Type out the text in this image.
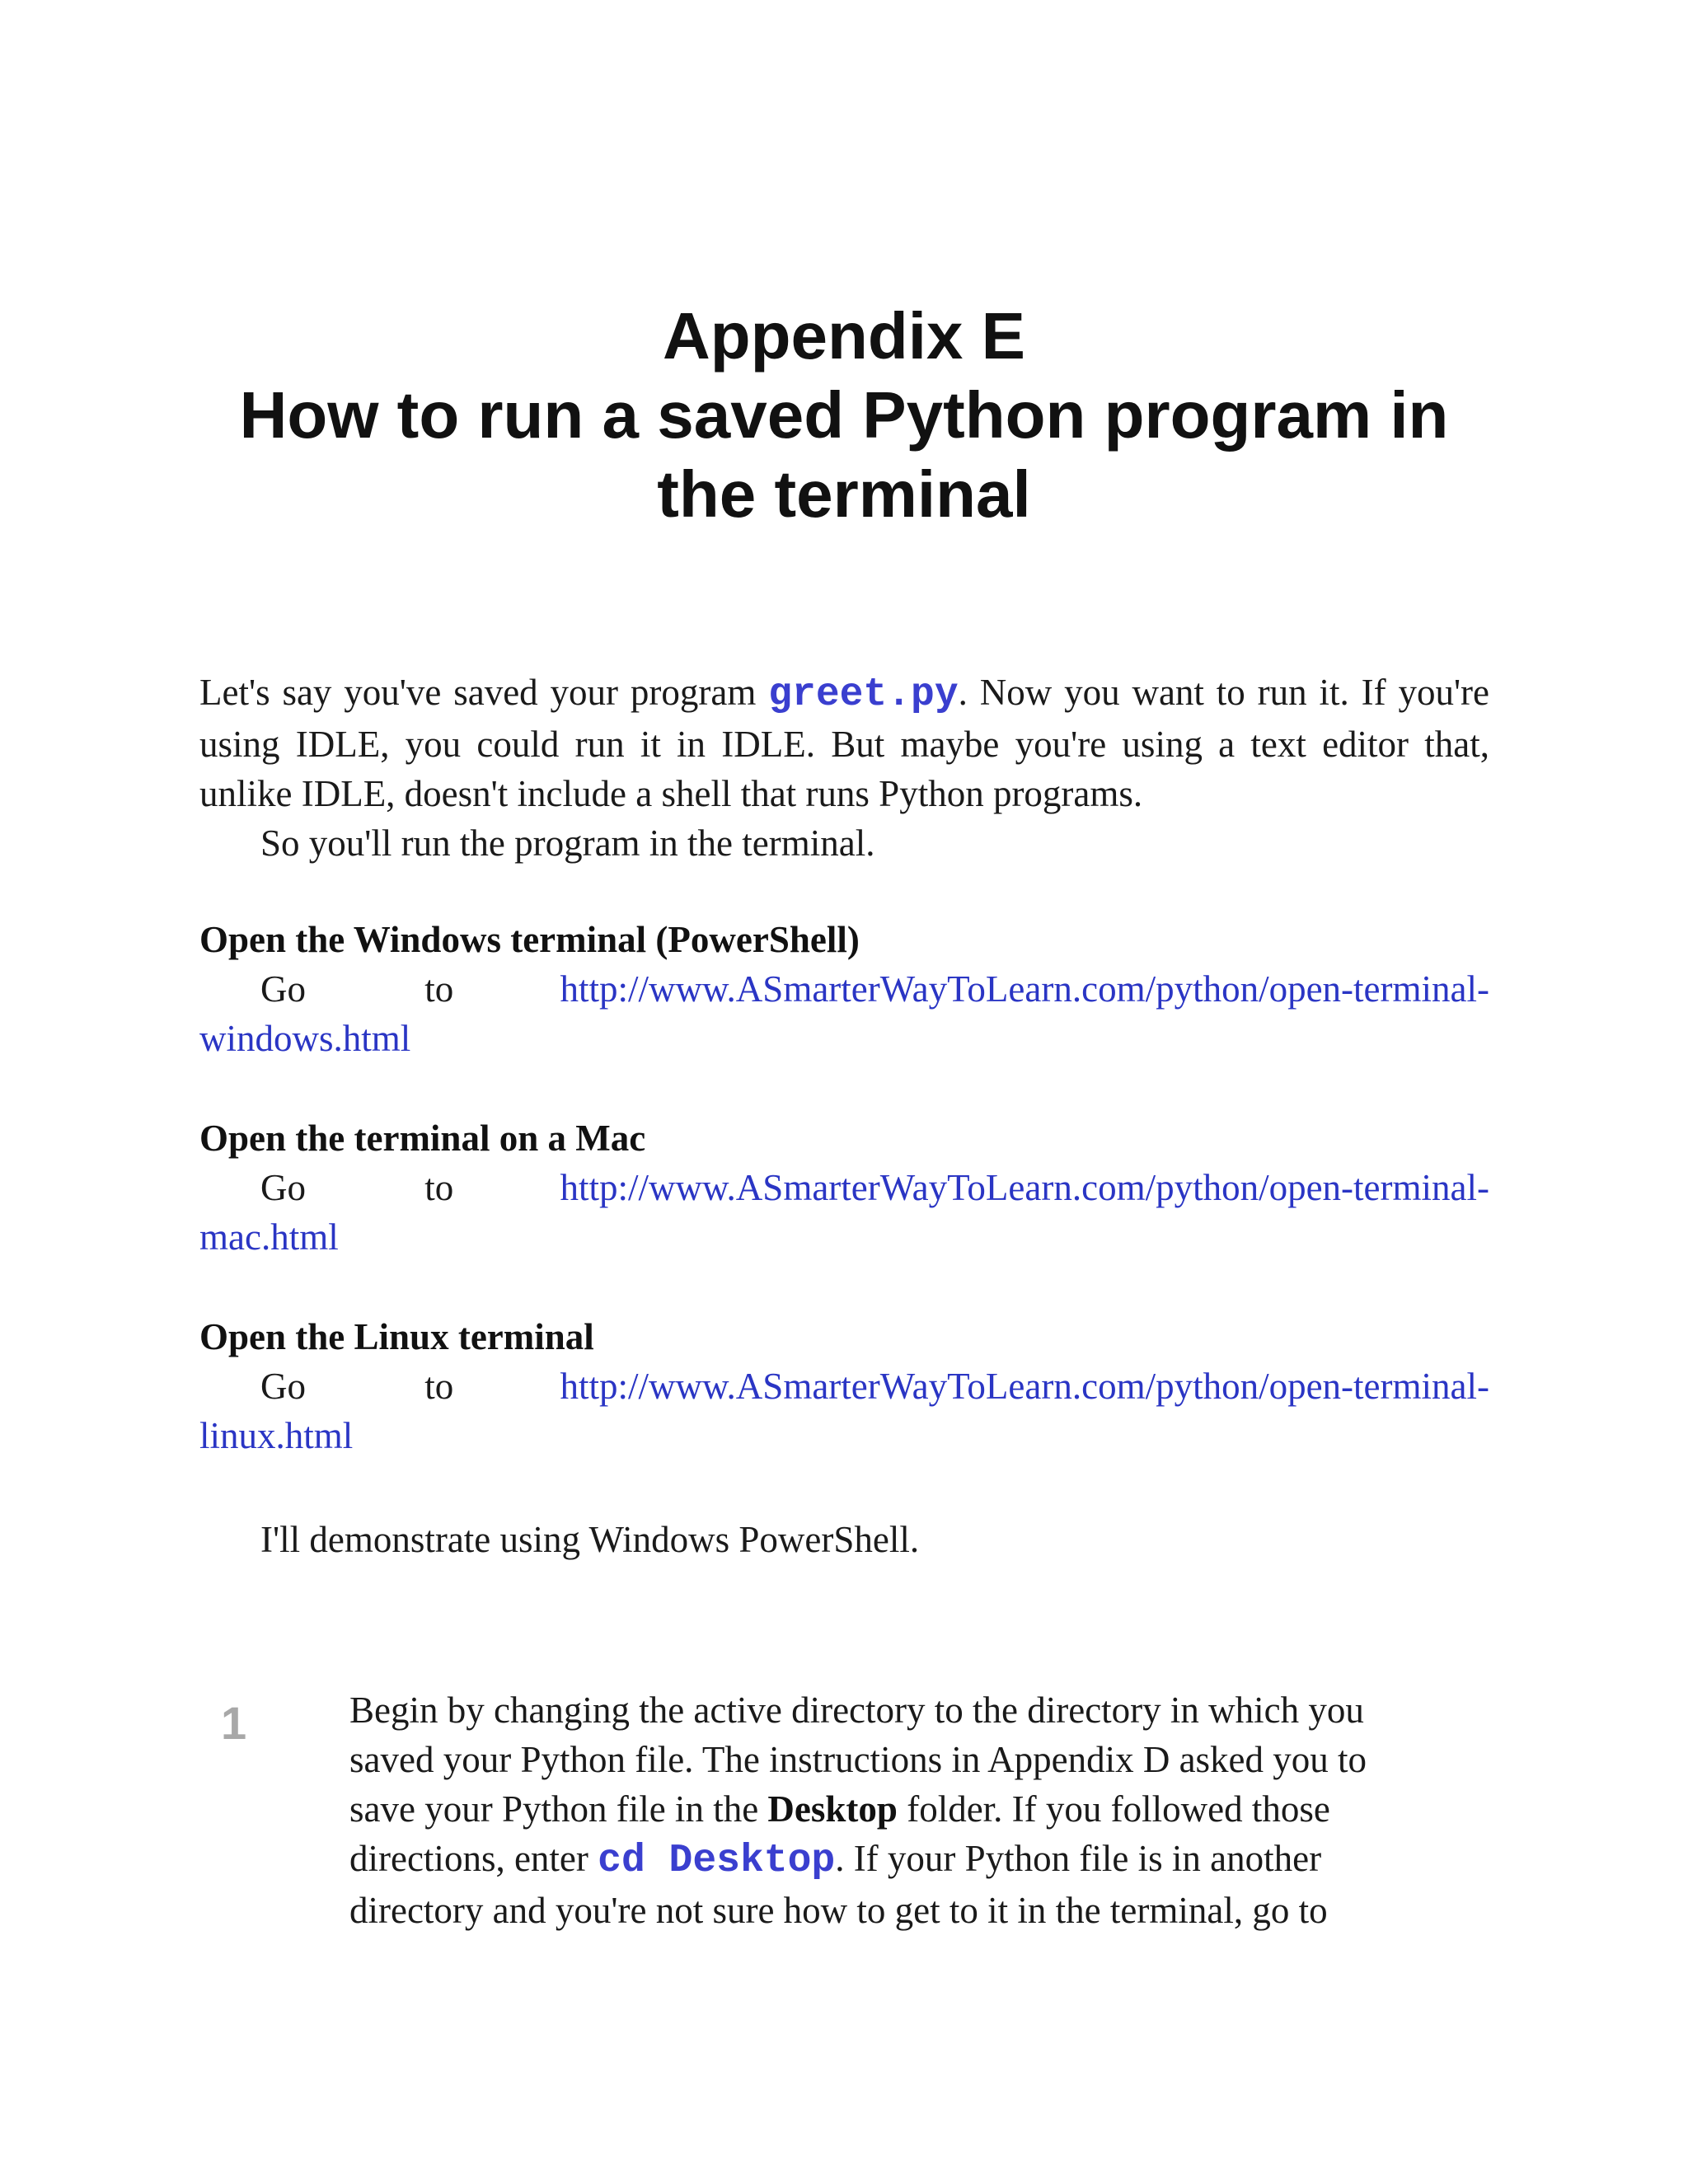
Appendix E
How to run a saved Python program in
the terminal
Let's say you've saved your program greet.py. Now you want to run it. If you're using IDLE, you could run it in IDLE. But maybe you're using a text editor that, unlike IDLE, doesn't include a shell that runs Python programs.
So you'll run the program in the terminal.
Open the Windows terminal (PowerShell)
Go	to	http://www.ASmarterWayToLearn.com/python/open-terminal-
windows.html
Open the terminal on a Mac
Go	to	http://www.ASmarterWayToLearn.com/python/open-terminal-
mac.html
Open the Linux terminal
Go	to	http://www.ASmarterWayToLearn.com/python/open-terminal-
linux.html
I'll demonstrate using Windows PowerShell.
1	Begin by changing the active directory to the directory in which you
saved your Python file. The instructions in Appendix D asked you to
save your Python file in the Desktop folder. If you followed those
directions, enter cd Desktop. If your Python file is in another
directory and you're not sure how to get to it in the terminal, go to
